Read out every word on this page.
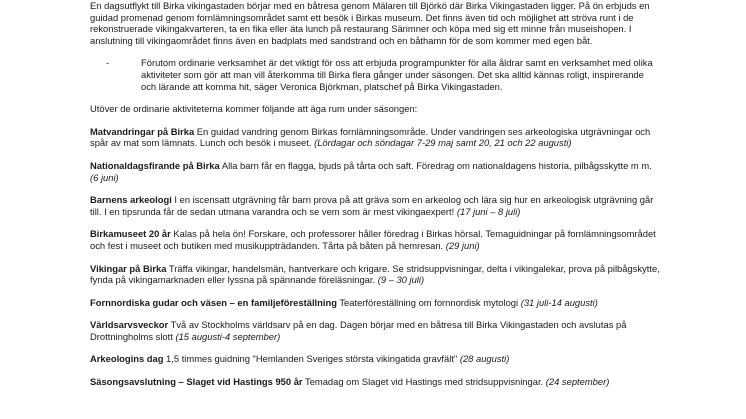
En dagsutflykt till Birka vikingastaden börjar med en båtresa genom Mälaren till Björkö där Birka Vikingastaden ligger. På ön erbjuds en guidad promenad genom fornlämningsområdet samt ett besök i Birkas museum. Det finns även tid och möjlighet att ströva runt i de rekonstruerade vikingakvarteren, ta en fika eller äta lunch på restaurang Särimner och köpa med sig ett minne från museishopen. I anslutning till vikingaområdet finns även en badplats med sandstrand och en båthamn för de som kommer med egen båt.

-	Förutom ordinarie verksamhet är det viktigt för oss att erbjuda programpunkter för alla åldrar samt en verksamhet med olika aktiviteter som gör att man vill återkomma till Birka flera gånger under säsongen. Det ska alltid kännas roligt, inspirerande och lärande att komma hit, säger Veronica Björkman, platschef på Birka Vikingastaden.

Utöver de ordinarie aktiviteterna kommer följande att äga rum under säsongen:

Matvandringar på Birka En guidad vandring genom Birkas fornlämningsområde. Under vandringen ses arkeologiska utgrävningar och spår av mat som lämnats. Lunch och besök i museet. (Lördagar och söndagar 7-29 maj samt 20, 21 och 22 augusti)

Nationaldagsfirande på Birka Alla barn får en flagga, bjuds på tårta och saft. Föredrag om nationaldagens historia, pilbågsskytte m m. (6 juni)

Barnens arkeologi I en iscensatt utgrävning får barn prova på att gräva som en arkeolog och lära sig hur en arkeologisk utgrävning går till. I en tipsrunda får de sedan utmana varandra och se vem som är mest vikingaexpert! (17 juni – 8 juli)

Birkamuseet 20 år Kalas på hela ön! Forskare, och professorer håller föredrag i Birkas hörsal. Temaguidningar på fornlämningsområdet och fest i museet och butiken med musikuppträdanden. Tårta på båten på hemresan. (29 juni)

Vikingar på Birka Träffa vikingar, handelsmän, hantverkare och krigare. Se stridsuppvisningar, delta i vikingalekar, prova på pilbågskytte, fynda på vikingamarknaden eller lyssna på spännande föreläsningar. (9 – 30 juli)

Fornnordiska gudar och väsen – en familjeföreställning Teaterföreställning om fornnordisk mytologi (31 juli-14 augusti)

Världsarvsveckor Två av Stockholms världsarv på en dag. Dagen börjar med en båtresa till Birka Vikingastaden och avslutas på Drottningholms slott (15 augusti-4 september)

Arkeologins dag 1,5 timmes guidning "Hemlanden Sveriges största vikingatida gravfält" (28 augusti)

Säsongsavslutning – Slaget vid Hastings 950 år Temadag om Slaget vid Hastings med stridsuppvisningar. (24 september)
